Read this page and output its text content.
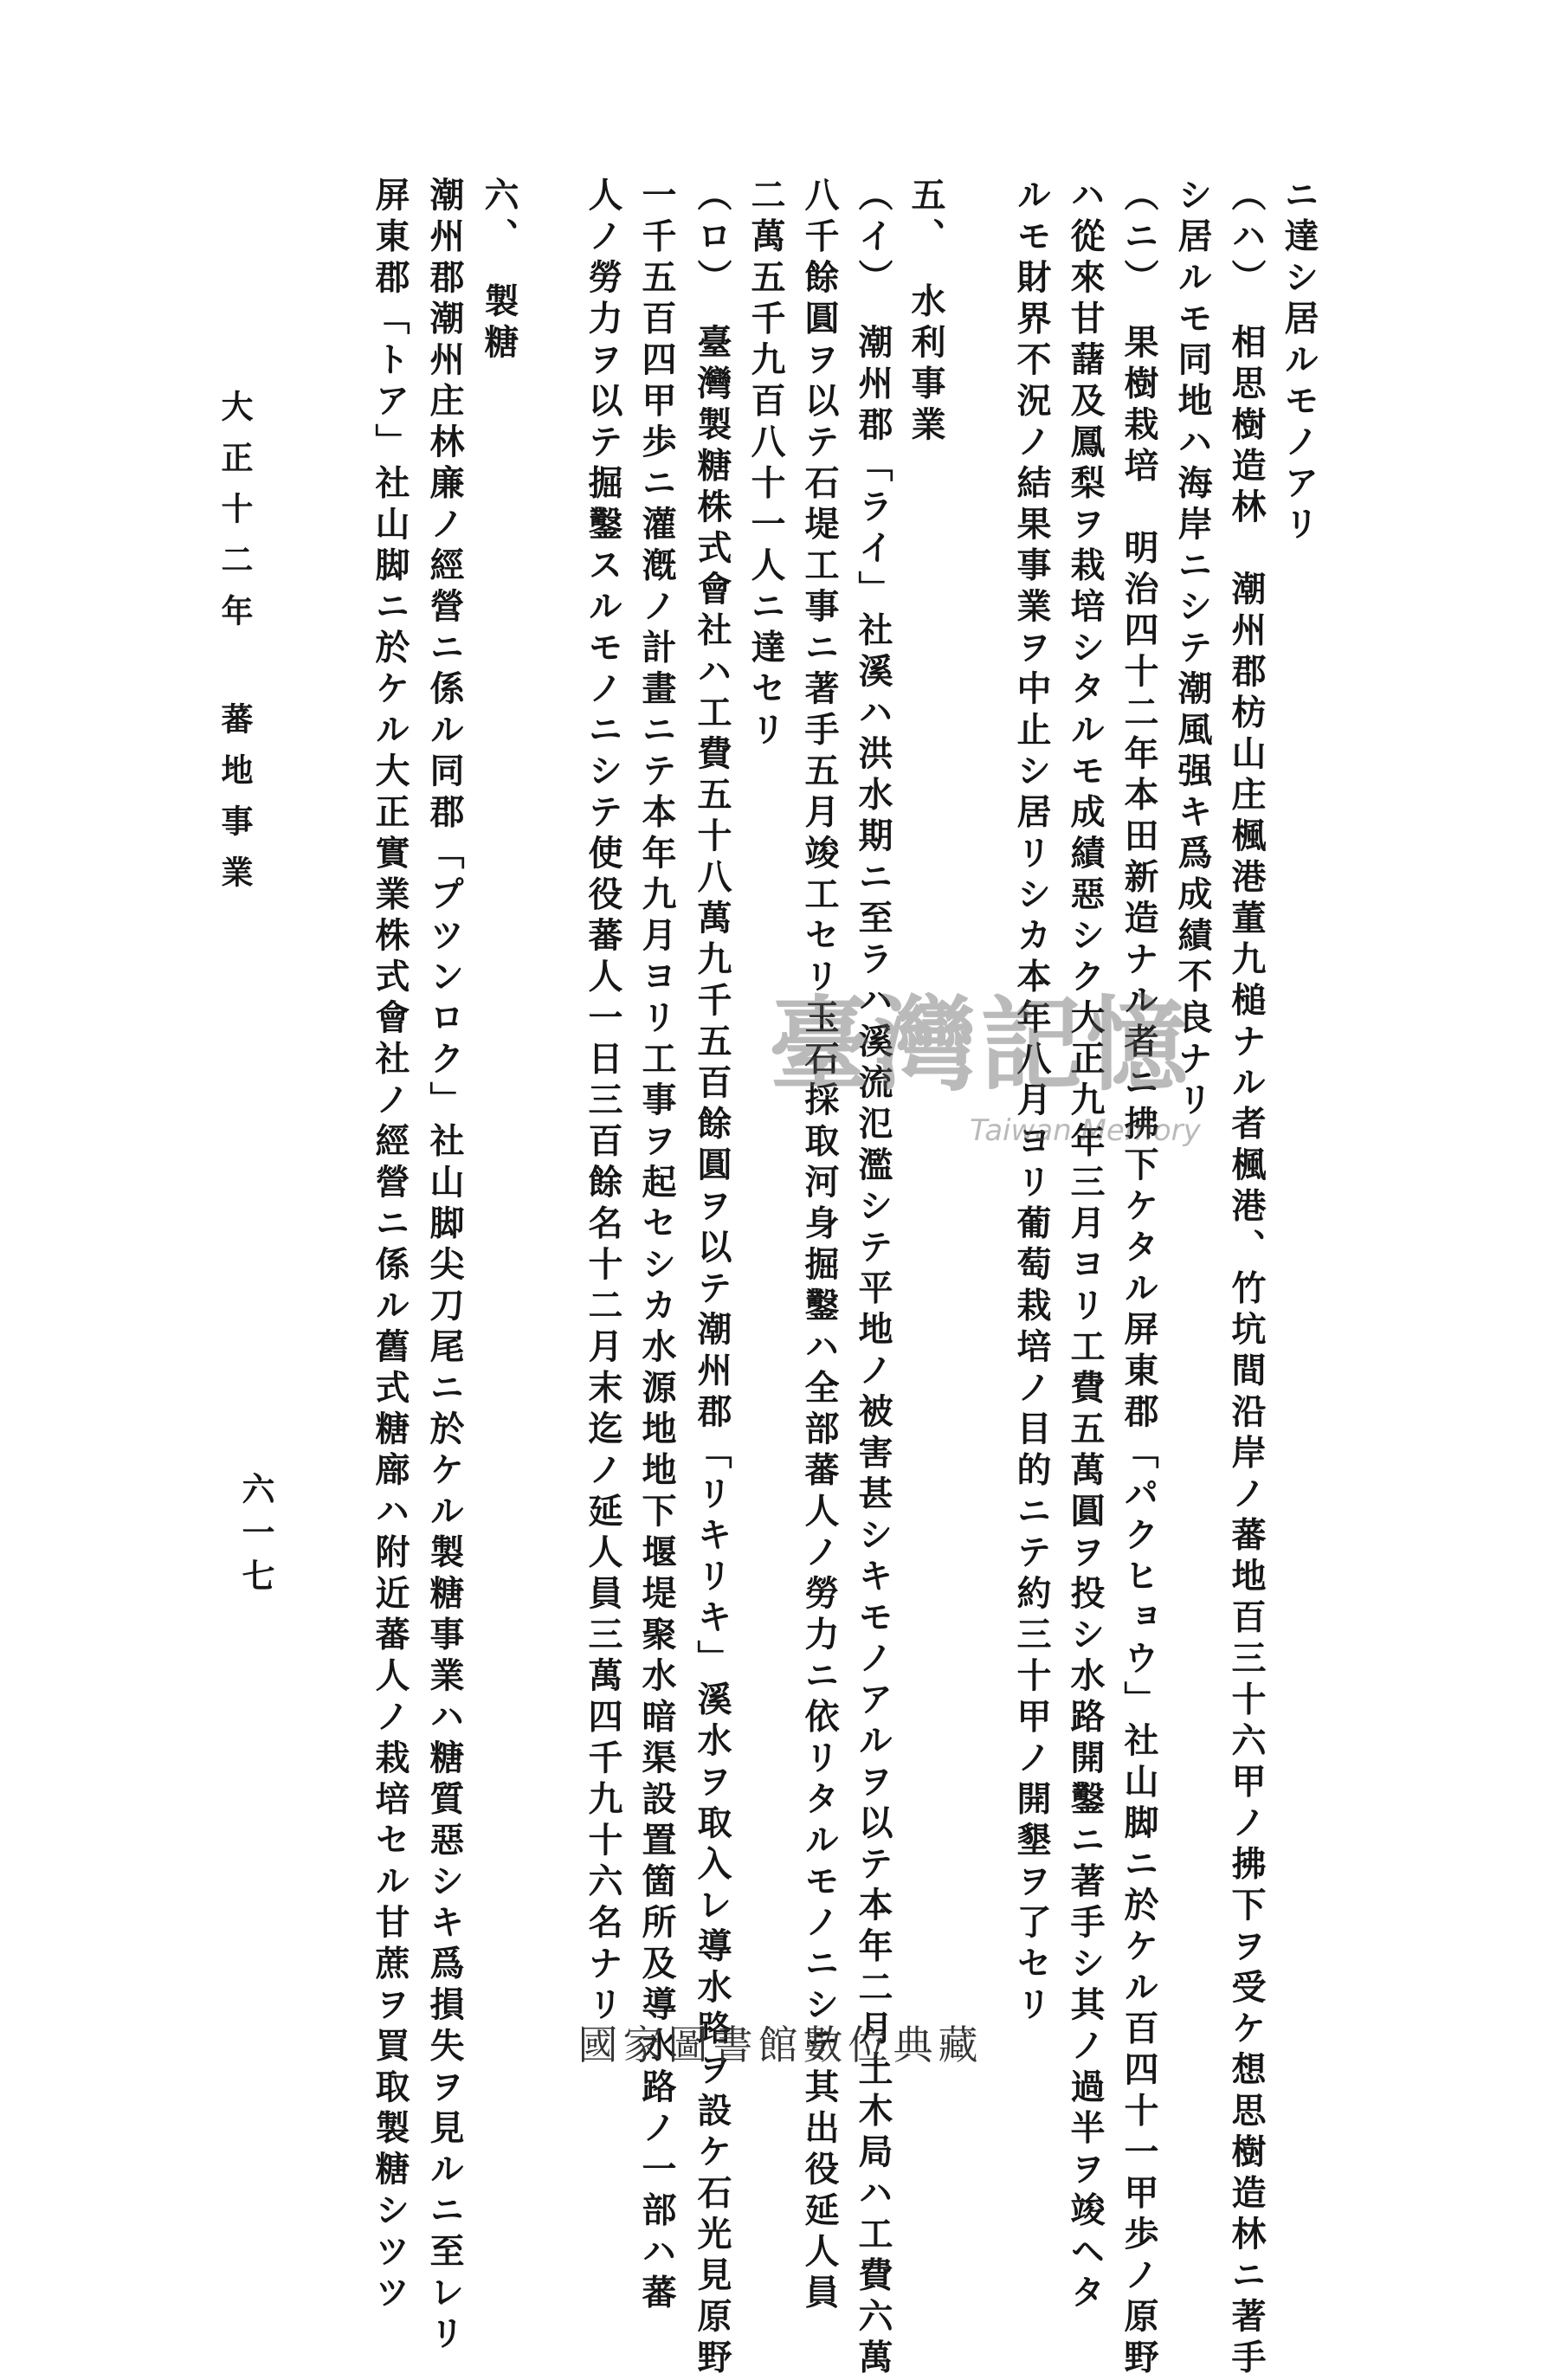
六一七
大正十二年 蕃地事業
ニ達シ居ルモノアリ
（ハ）　相思樹造林　潮州郡枋山庄楓港董九槌ナル者楓港、竹坑間沿岸ノ蕃地百三十六甲ノ拂下ヲ受ケ想思樹造林ニ著手
シ居ルモ同地ハ海岸ニシテ潮風强キ爲成績不良ナリ
（ニ）　果樹栽培　明治四十二年本田新造ナル者ニ拂下ケタル屏東郡「パクヒョウ」社山脚ニ於ケル百四十一甲歩ノ原野
ハ從來甘藷及鳳梨ヲ栽培シタルモ成績惡シク大正九年三月ヨリ工費五萬圓ヲ投シ水路開鑿ニ著手シ其ノ過半ヲ竣ヘタ
ルモ財界不況ノ結果事業ヲ中止シ居リシカ本年八月ヨリ葡萄栽培ノ目的ニテ約三十甲ノ開墾ヲ了セリ
五、　水利事業
（イ）　潮州郡「ライ」社溪ハ洪水期ニ至ラハ溪流氾濫シテ平地ノ被害甚シキモノアルヲ以テ本年二月土木局ハ工費六萬
八千餘圓ヲ以テ石堤工事ニ著手五月竣工セリ玉石採取河身掘鑿ハ全部蕃人ノ勞力ニ依リタルモノニシテ其出役延人員
二萬五千九百八十一人ニ達セリ
（ロ）　臺灣製糖株式會社ハ工費五十八萬九千五百餘圓ヲ以テ潮州郡「リキリキ」溪水ヲ取入レ導水路ヲ設ケ石光見原野
一千五百四甲歩ニ灌漑ノ計畫ニテ本年九月ヨリ工事ヲ起セシカ水源地地下堰堤聚水暗渠設置箇所及導水路ノ一部ハ蕃
人ノ勞力ヲ以テ掘鑿スルモノニシテ使役蕃人一日三百餘名十二月末迄ノ延人員三萬四千九十六名ナリ
六、　製糖
潮州郡潮州庄林廉ノ經營ニ係ル同郡「プツンロク」社山脚尖刀尾ニ於ケル製糖事業ハ糖質惡シキ爲損失ヲ見ルニ至レリ
屏東郡「トア」社山脚ニ於ケル大正實業株式會社ノ經營ニ係ル舊式糖廍ハ附近蕃人ノ栽培セル甘蔗ヲ買取製糖シツツ	臺灣記憶
Taiwan Memory
國家圖書館數位典藏
